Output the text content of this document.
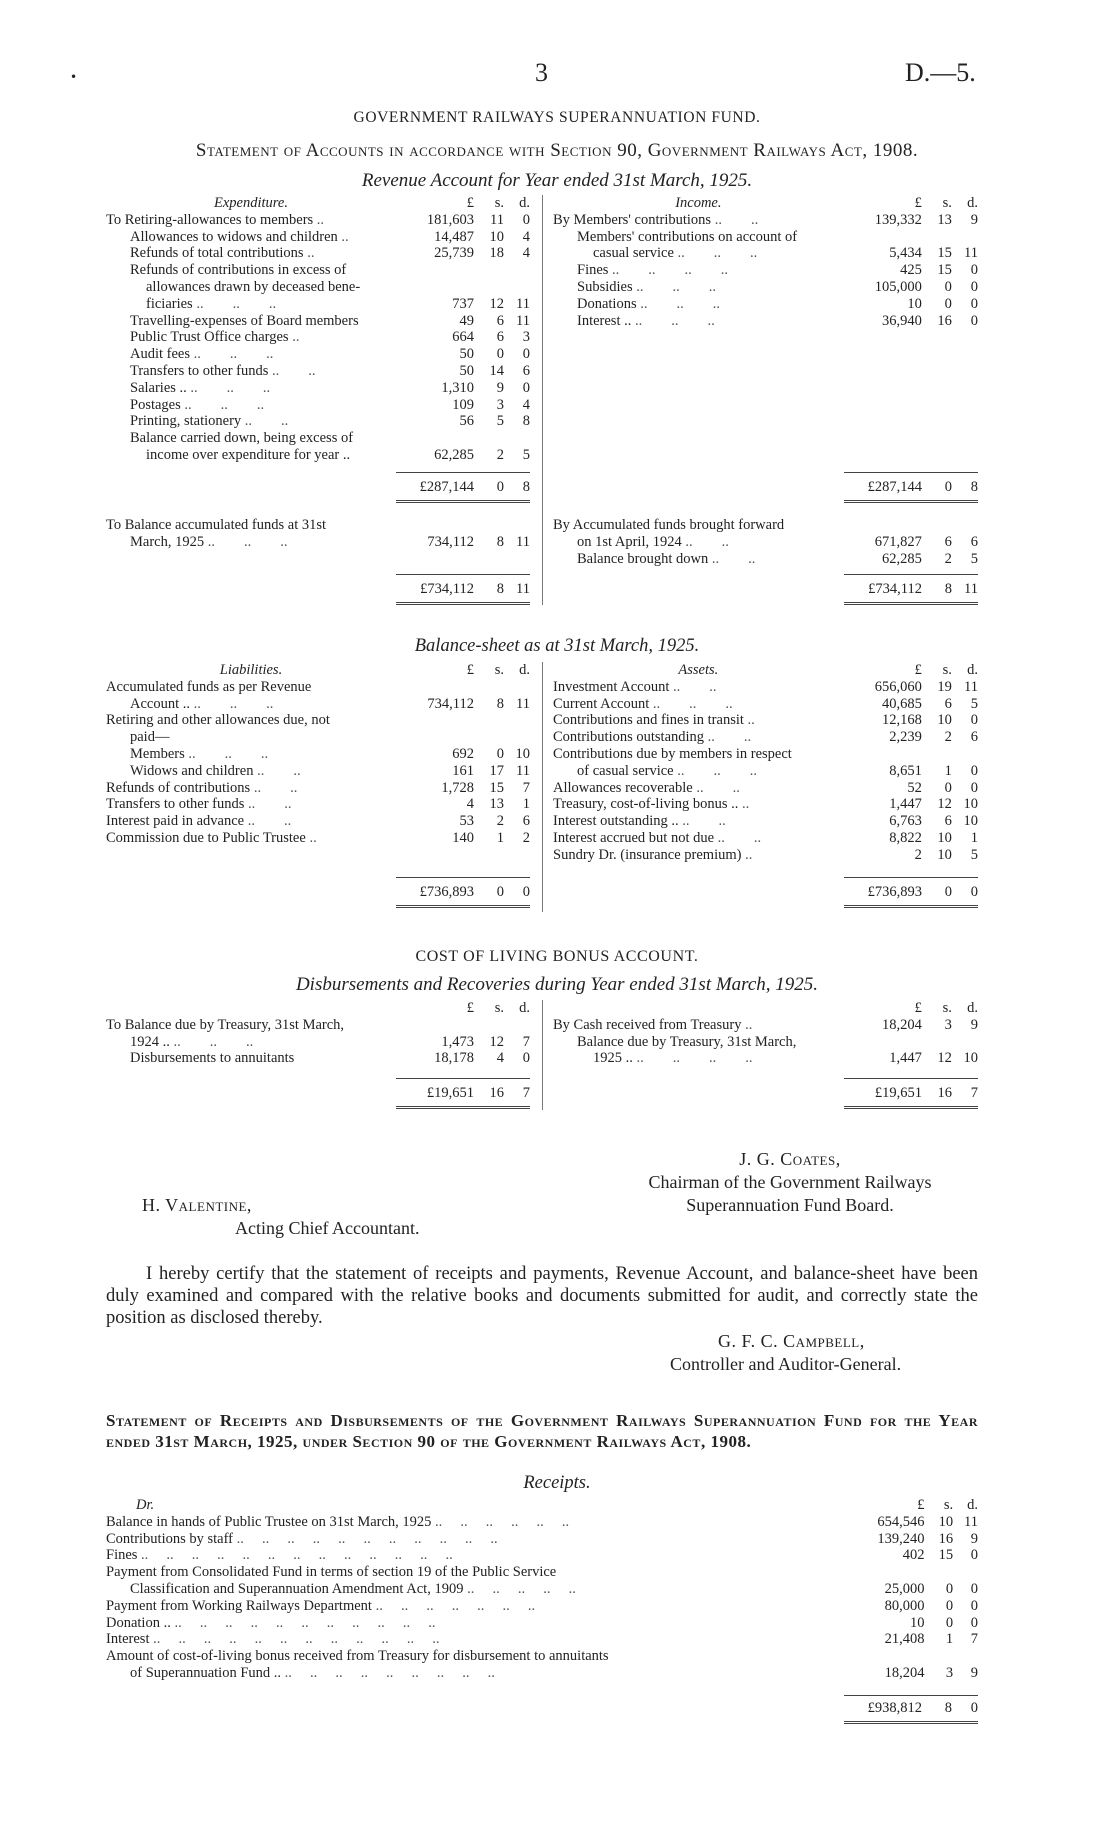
•	3	D.—5.
GOVERNMENT RAILWAYS SUPERANNUATION FUND.
Statement of Accounts in accordance with Section 90, Government Railways Act, 1908.
Revenue Account for Year ended 31st March, 1925.
Expenditure.	£	s.	d.
To Retiring-allowances to members ..	181,603	11	0
Allowances to widows and children ..	14,487	10	4
Refunds of total contributions ..	25,739	18	4
Refunds of contributions in excess of			
allowances drawn by deceased bene-			
ficiaries ..        ..        ..	737	12	11
Travelling-expenses of Board members	49	6	11
Public Trust Office charges ..	664	6	3
Audit fees ..        ..        ..	50	0	0
Transfers to other funds ..        ..	50	14	6
Salaries .. ..        ..        ..	1,310	9	0
Postages ..        ..        ..	109	3	4
Printing, stationery ..        ..	56	5	8
Balance carried down, being excess of			
income over expenditure for year ..	62,285	2	5
Income.	£	s.	d.
By Members' contributions ..        ..	139,332	13	9
Members' contributions on account of			
casual service ..        ..        ..	5,434	15	11
Fines ..        ..        ..        ..	425	15	0
Subsidies ..        ..        ..	105,000	0	0
Donations ..        ..        ..	10	0	0
Interest .. ..        ..        ..	36,940	16	0
£287,144	0	8	£287,144	0	8

To Balance accumulated funds at 31st			
March, 1925 ..        ..        ..	734,112	8	11

By Accumulated funds brought forward			
on 1st April, 1924 ..        ..	671,827	6	6
Balance brought down ..        ..	62,285	2	5
£734,112	8	11	£734,112	8	11
Balance-sheet as at 31st March, 1925.
Liabilities.	£	s.	d.
Accumulated funds as per Revenue			
Account .. ..        ..        ..	734,112	8	11
Retiring and other allowances due, not			
paid—			
Members ..        ..        ..	692	0	10
Widows and children ..        ..	161	17	11
Refunds of contributions ..        ..	1,728	15	7
Transfers to other funds ..        ..	4	13	1
Interest paid in advance ..        ..	53	2	6
Commission due to Public Trustee ..	140	1	2
Assets.	£	s.	d.
Investment Account ..        ..	656,060	19	11
Current Account ..        ..        ..	40,685	6	5
Contributions and fines in transit ..	12,168	10	0
Contributions outstanding ..        ..	2,239	2	6
Contributions due by members in respect			
of casual service ..        ..        ..	8,651	1	0
Allowances recoverable ..        ..	52	0	0
Treasury, cost-of-living bonus .. ..	1,447	12	10
Interest outstanding .. ..        ..	6,763	6	10
Interest accrued but not due ..        ..	8,822	10	1
Sundry Dr. (insurance premium) ..	2	10	5
£736,893	0	0	£736,893	0	0
COST OF LIVING BONUS ACCOUNT.
Disbursements and Recoveries during Year ended 31st March, 1925.
	£	s.	d.
To Balance due by Treasury, 31st March,			
1924 .. ..        ..        ..	1,473	12	7
Disbursements to annuitants	18,178	4	0
	£	s.	d.
By Cash received from Treasury ..	18,204	3	9
Balance due by Treasury, 31st March,			
1925 .. ..        ..        ..        ..	1,447	12	10
£19,651	16	7	£19,651	16	7
J. G. Coates,
Chairman of the Government Railways
Superannuation Fund Board.
H. Valentine,
Acting Chief Accountant.
I hereby certify that the statement of receipts and payments, Revenue Account, and balance-sheet have been duly examined and compared with the relative books and documents submitted for audit, and correctly state the position as disclosed thereby.
G. F. C. Campbell,
Controller and Auditor-General.
Statement of Receipts and Disbursements of the Government Railways Superannuation Fund for the Year ended 31st March, 1925, under Section 90 of the Government Railways Act, 1908.
Receipts.
Dr.	£	s.	d.
Balance in hands of Public Trustee on 31st March, 1925 ..     ..     ..     ..     ..     ..	654,546	10	11
Contributions by staff ..     ..     ..     ..     ..     ..     ..     ..     ..     ..     ..	139,240	16	9
Fines ..     ..     ..     ..     ..     ..     ..     ..     ..     ..     ..     ..     ..	402	15	0
Payment from Consolidated Fund in terms of section 19 of the Public Service			
Classification and Superannuation Amendment Act, 1909 ..     ..     ..     ..     ..	25,000	0	0
Payment from Working Railways Department ..     ..     ..     ..     ..     ..     ..	80,000	0	0
Donation .. ..     ..     ..     ..     ..     ..     ..     ..     ..     ..     ..	10	0	0
Interest ..     ..     ..     ..     ..     ..     ..     ..     ..     ..     ..     ..	21,408	1	7
Amount of cost-of-living bonus received from Treasury for disbursement to annuitants			
of Superannuation Fund .. ..     ..     ..     ..     ..     ..     ..     ..     ..	18,204	3	9
£938,812	8	0
